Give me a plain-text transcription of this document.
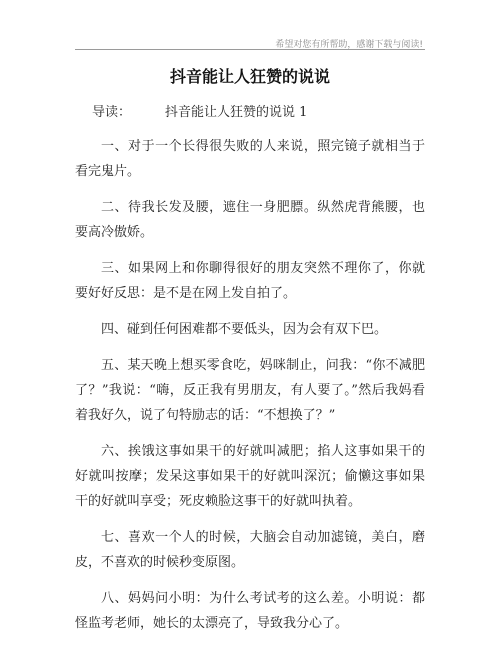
希望对您有所帮助，感谢下载与阅读!
抖音能让人狂赞的说说
导读：	抖音能让人狂赞的说说 1

一、对于一个长得很失败的人来说，照完镜子就相当于看完鬼片。

二、待我长发及腰，遮住一身肥膘。纵然虎背熊腰，也要高冷傲娇。

三、如果网上和你聊得很好的朋友突然不理你了，你就要好好反思：是不是在网上发自拍了。

四、碰到任何困难都不要低头，因为会有双下巴。

五、某天晚上想买零食吃，妈咪制止，问我：“你不减肥了？”我说：“嗨，反正我有男朋友，有人要了。”然后我妈看着我好久，说了句特励志的话：“不想换了？”

六、挨饿这事如果干的好就叫减肥；掐人这事如果干的好就叫按摩；发呆这事如果干的好就叫深沉；偷懒这事如果干的好就叫享受；死皮赖脸这事干的好就叫执着。

七、喜欢一个人的时候，大脑会自动加滤镜，美白，磨皮，不喜欢的时候秒变原图。

八、妈妈问小明：为什么考试考的这么差。小明说：都怪监考老师，她长的太漂亮了，导致我分心了。
